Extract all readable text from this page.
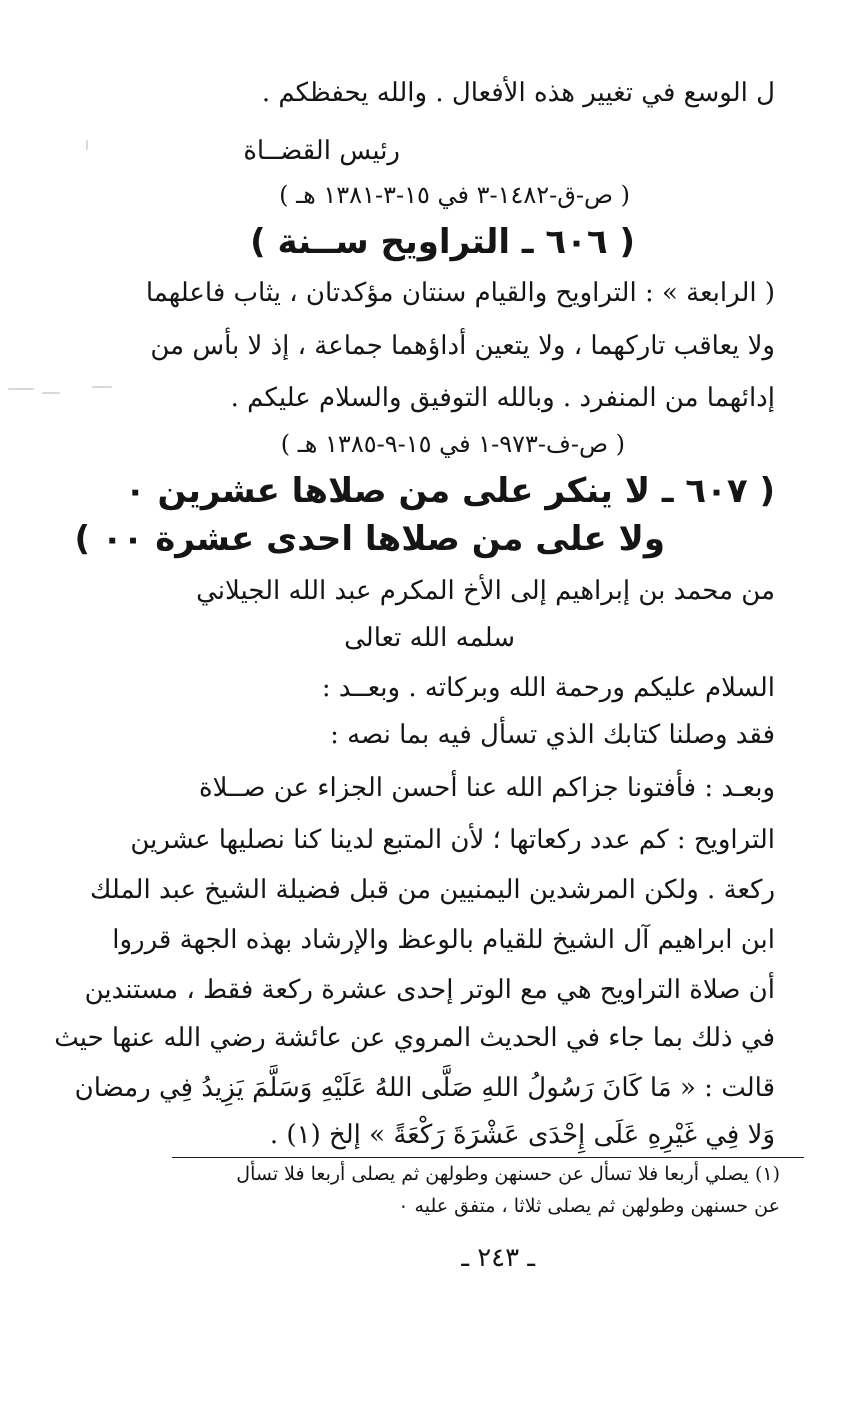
ل الوسع في تغيير هذه الأفعال . والله يحفظكم .
رئيس القضــاة
( ص-ق-١٤٨٢-٣ في ١٥-٣-١٣٨١ هـ )
( ٦٠٦ ـ التراويح ســنة )
( الرابعة » : التراويح والقيام سنتان مؤكدتان ، يثاب فاعلهما
ولا يعاقب تاركهما ، ولا يتعين أداؤهما جماعة ، إذ لا بأس من
إدائهما من المنفرد . وبالله التوفيق والسلام عليكم .
( ص-ف-٩٧٣-١ في ١٥-٩-١٣٨٥ هـ )
( ٦٠٧ ـ لا ينكر على من صلاها عشرين ٠
ولا على من صلاها احدى عشرة ٠٠ )
من محمد بن إبراهيم إلى الأخ المكرم عبد الله الجيلاني
سلمه الله تعالى
السلام عليكم ورحمة الله وبركاته . وبعــد :
فقد وصلنا كتابك الذي تسأل فيه بما نصه :
وبعـد : فأفتونا جزاكم الله عنا أحسن الجزاء عن صــلاة
التراويح : كم عدد ركعاتها ؛ لأن المتبع لدينا كنا نصليها عشرين
ركعة . ولكن المرشدين اليمنيين من قبل فضيلة الشيخ عبد الملك
ابن ابراهيم آل الشيخ للقيام بالوعظ والإرشاد بهذه الجهة قرروا
أن صلاة التراويح هي مع الوتر إحدى عشرة ركعة فقط ، مستندين
في ذلك بما جاء في الحديث المروي عن عائشة رضي الله عنها حيث
قالت : « مَا كَانَ رَسُولُ اللهِ صَلَّى اللهُ عَلَيْهِ وَسَلَّمَ يَزِيدُ فِي رمضان
وَلا فِي غَيْرِهِ عَلَى إِحْدَى عَشْرَةَ رَكْعَةً » إلخ (١) .
(١) يصلي أربعا فلا تسأل عن حسنهن وطولهن ثم يصلى أربعا فلا تسأل
عن حسنهن وطولهن ثم يصلى ثلاثا ، متفق عليه ٠
ـ ٢٤٣ ـ
